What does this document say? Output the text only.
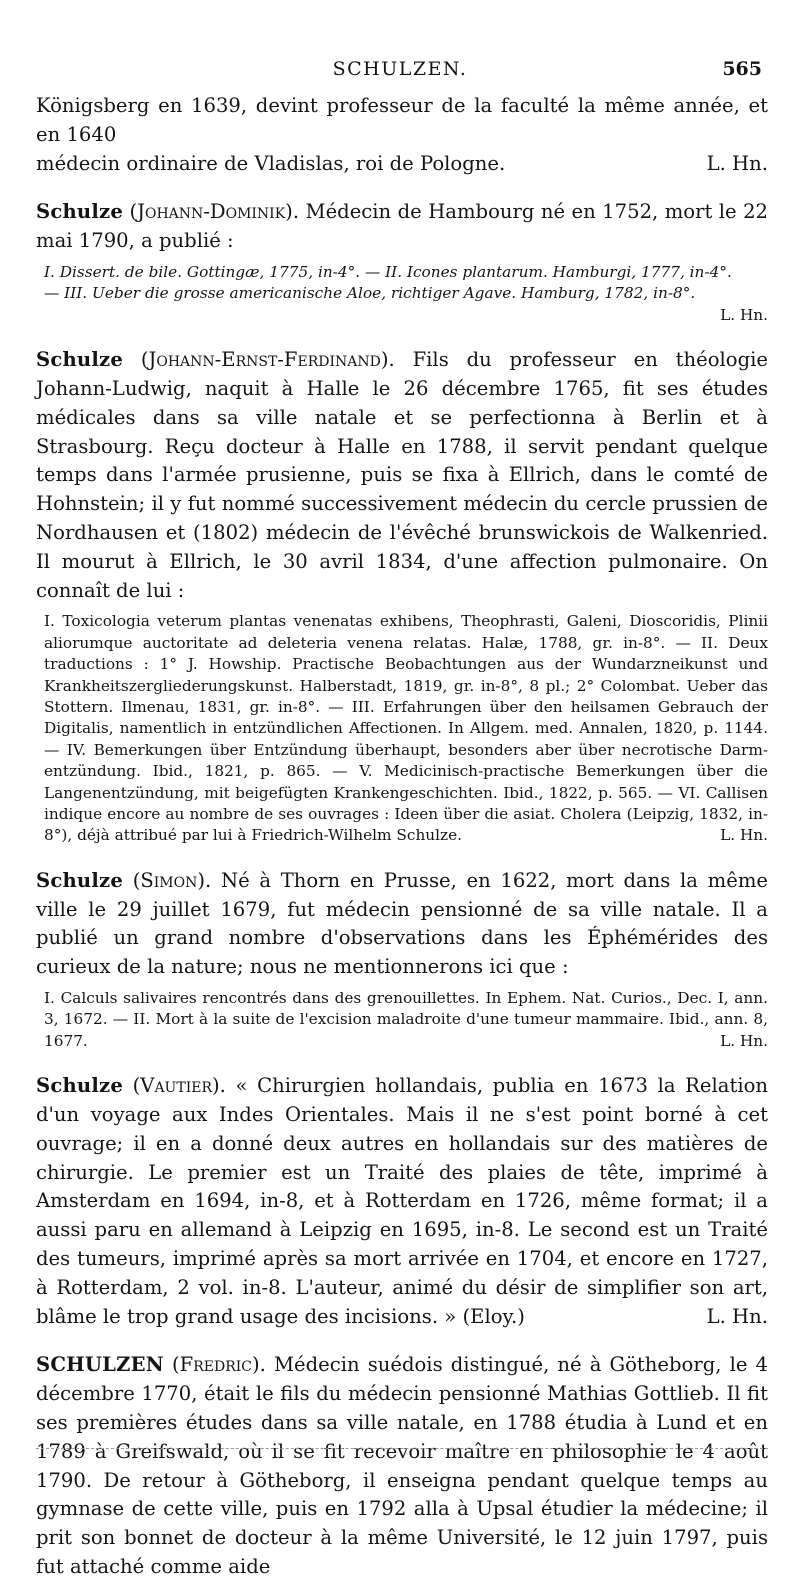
SCHULZEN.	565

Königsberg en 1639, devint professeur de la faculté la même année, et en 1640
médecin ordinaire de Vladislas, roi de Pologne.	L. Hn.

Schulze (Johann-Dominik). Médecin de Hambourg né en 1752, mort le 22 mai 1790, a publié :

I. Dissert. de bile. Gottingæ, 1775, in-4°. — II. Icones plantarum. Hamburgi, 1777, in-4°.

— III. Ueber die grosse americanische Aloe, richtiger Agave. Hamburg, 1782, in-8°.

L. Hn.

Schulze (Johann-Ernst-Ferdinand). Fils du professeur en théologie Johann-Ludwig, naquit à Halle le 26 décembre 1765, fit ses études médicales dans sa ville natale et se perfectionna à Berlin et à Strasbourg. Reçu docteur à Halle en 1788, il servit pendant quelque temps dans l'armée prusienne, puis se fixa à Ellrich, dans le comté de Hohnstein; il y fut nommé successivement médecin du cercle prussien de Nordhausen et (1802) médecin de l'évêché brunswickois de Walkenried. Il mourut à Ellrich, le 30 avril 1834, d'une affection pulmonaire. On connaît de lui :

I. Toxicologia veterum plantas venenatas exhibens, Theophrasti, Galeni, Dioscoridis, Plinii aliorumque auctoritate ad deleteria venena relatas. Halæ, 1788, gr. in-8°. — II. Deux traductions : 1° J. Howship. Practische Beobachtungen aus der Wundarzneikunst und Krankheitszergliederungskunst. Halberstadt, 1819, gr. in-8°, 8 pl.; 2° Colombat. Ueber das Stottern. Ilmenau, 1831, gr. in-8°. — III. Erfahrungen über den heilsamen Gebrauch der Digitalis, namentlich in entzündlichen Affectionen. In Allgem. med. Annalen, 1820, p. 1144. — IV. Bemerkungen über Entzündung überhaupt, besonders aber über necrotische Darm-entzündung. Ibid., 1821, p. 865. — V. Medicinisch-practische Bemerkungen über die Langenentzündung, mit beigefügten Krankengeschichten. Ibid., 1822, p. 565. — VI. Callisen indique encore au nombre de ses ouvrages : Ideen über die asiat. Cholera (Leipzig, 1832, in-8°), déjà attribué par lui à Friedrich-Wilhelm Schulze.	L. Hn.

Schulze (Simon). Né à Thorn en Prusse, en 1622, mort dans la même ville le 29 juillet 1679, fut médecin pensionné de sa ville natale. Il a publié un grand nombre d'observations dans les Éphémérides des curieux de la nature; nous ne mentionnerons ici que :

I. Calculs salivaires rencontrés dans des grenouillettes. In Ephem. Nat. Curios., Dec. I, ann. 3, 1672. — II. Mort à la suite de l'excision maladroite d'une tumeur mammaire. Ibid., ann. 8, 1677.	L. Hn.

Schulze (Vautier). « Chirurgien hollandais, publia en 1673 la Relation d'un voyage aux Indes Orientales. Mais il ne s'est point borné à cet ouvrage; il en a donné deux autres en hollandais sur des matières de chirurgie. Le premier est un Traité des plaies de tête, imprimé à Amsterdam en 1694, in-8, et à Rotterdam en 1726, même format; il a aussi paru en allemand à Leipzig en 1695, in-8. Le second est un Traité des tumeurs, imprimé après sa mort arrivée en 1704, et encore en 1727, à Rotterdam, 2 vol. in-8. L'auteur, animé du désir de simplifier son art, blâme le trop grand usage des incisions. » (Eloy.)	L. Hn.

SCHULZEN (Fredric). Médecin suédois distingué, né à Götheborg, le 4 décembre 1770, était le fils du médecin pensionné Mathias Gottlieb. Il fit ses premières études dans sa ville natale, en 1788 étudia à Lund et en 1789 à Greifswald, où il se fit recevoir maître en philosophie le 4 août 1790. De retour à Götheborg, il enseigna pendant quelque temps au gymnase de cette ville, puis en 1792 alla à Upsal étudier la médecine; il prit son bonnet de docteur à la même Université, le 12 juin 1797, puis fut attaché comme aide
